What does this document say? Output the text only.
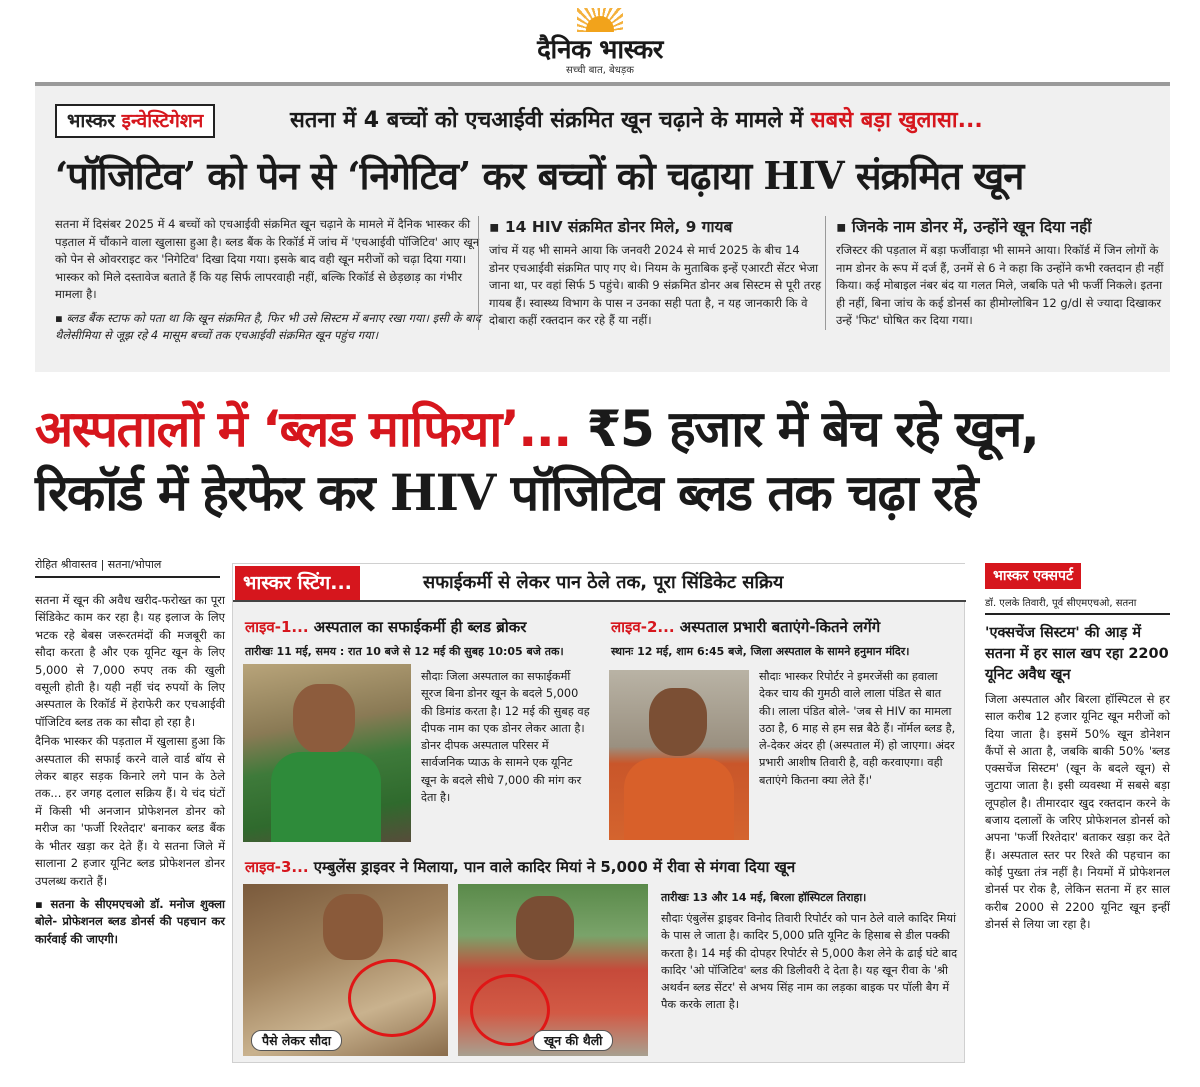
दैनिक भास्कर
सच्ची बात, बेधड़क
भास्कर इन्वेस्टिगेशन	सतना में 4 बच्चों को एचआईवी संक्रमित खून चढ़ाने के मामले में सबसे बड़ा खुलासा...
‘पॉजिटिव’ को पेन से ‘निगेटिव’ कर बच्चों को चढ़ाया HIV संक्रमित खून
सतना में दिसंबर 2025 में 4 बच्चों को एचआईवी संक्रमित खून चढ़ाने के मामले में दैनिक भास्कर की पड़ताल में चौंकाने वाला खुलासा हुआ है। ब्लड बैंक के रिकॉर्ड में जांच में 'एचआईवी पॉजिटिव' आए खून को पेन से ओवरराइट कर 'निगेटिव' दिखा दिया गया। इसके बाद वही खून मरीजों को चढ़ा दिया गया। भास्कर को मिले दस्तावेज बताते हैं कि यह सिर्फ लापरवाही नहीं, बल्कि रिकॉर्ड से छेड़छाड़ का गंभीर मामला है।
▪ ब्लड बैंक स्टाफ को पता था कि खून संक्रमित है, फिर भी उसे सिस्टम में बनाए रखा गया। इसी के बाद थैलेसीमिया से जूझ रहे 4 मासूम बच्चों तक एचआईवी संक्रमित खून पहुंच गया।
▪ 14 HIV संक्रमित डोनर मिले, 9 गायब
जांच में यह भी सामने आया कि जनवरी 2024 से मार्च 2025 के बीच 14 डोनर एचआईवी संक्रमित पाए गए थे। नियम के मुताबिक इन्हें एआरटी सेंटर भेजा जाना था, पर वहां सिर्फ 5 पहुंचे। बाकी 9 संक्रमित डोनर अब सिस्टम से पूरी तरह गायब हैं। स्वास्थ्य विभाग के पास न उनका सही पता है, न यह जानकारी कि वे दोबारा कहीं रक्तदान कर रहे हैं या नहीं।
▪ जिनके नाम डोनर में, उन्होंने खून दिया नहीं
रजिस्टर की पड़ताल में बड़ा फर्जीवाड़ा भी सामने आया। रिकॉर्ड में जिन लोगों के नाम डोनर के रूप में दर्ज हैं, उनमें से 6 ने कहा कि उन्होंने कभी रक्तदान ही नहीं किया। कई मोबाइल नंबर बंद या गलत मिले, जबकि पते भी फर्जी निकले। इतना ही नहीं, बिना जांच के कई डोनर्स का हीमोग्लोबिन 12 g/dl से ज्यादा दिखाकर उन्हें 'फिट' घोषित कर दिया गया।
अस्पतालों में ‘ब्लड माफिया’... ₹5 हजार में बेच रहे खून,
रिकॉर्ड में हेरफेर कर HIV पॉजिटिव ब्लड तक चढ़ा रहे
रोहित श्रीवास्तव | सतना/भोपाल

सतना में खून की अवैध खरीद-फरोख्त का पूरा सिंडिकेट काम कर रहा है। यह इलाज के लिए भटक रहे बेबस जरूरतमंदों की मजबूरी का सौदा करता है और एक यूनिट खून के लिए 5,000 से 7,000 रुपए तक की खुली वसूली होती है। यही नहीं चंद रुपयों के लिए अस्पताल के रिकॉर्ड में हेराफेरी कर एचआईवी पॉजिटिव ब्लड तक का सौदा हो रहा है।

दैनिक भास्कर की पड़ताल में खुलासा हुआ कि अस्पताल की सफाई करने वाले वार्ड बॉय से लेकर बाहर सड़क किनारे लगे पान के ठेले तक... हर जगह दलाल सक्रिय हैं। ये चंद घंटों में किसी भी अनजान प्रोफेशनल डोनर को मरीज का 'फर्जी रिश्तेदार' बनाकर ब्लड बैंक के भीतर खड़ा कर देते हैं। ये सतना जिले में सालाना 2 हजार यूनिट ब्लड प्रोफेशनल डोनर उपलब्ध कराते हैं।

▪ सतना के सीएमएचओ डॉ. मनोज शुक्ला बोले- प्रोफेशनल ब्लड डोनर्स की पहचान कर कार्रवाई की जाएगी।

भास्कर स्टिंग...	सफाईकर्मी से लेकर पान ठेले तक, पूरा सिंडिकेट सक्रिय
लाइव-1... अस्पताल का सफाईकर्मी ही ब्लड ब्रोकर
तारीखः 11 मई, समय : रात 10 बजे से 12 मई की सुबह 10:05 बजे तक।
सौदाः जिला अस्पताल का सफाईकर्मी सूरज बिना डोनर खून के बदले 5,000 की डिमांड करता है। 12 मई की सुबह वह दीपक नाम का एक डोनर लेकर आता है। डोनर दीपक अस्पताल परिसर में सार्वजनिक प्याऊ के सामने एक यूनिट खून के बदले सीधे 7,000 की मांग कर देता है।
लाइव-2... अस्पताल प्रभारी बताएंगे-कितने लगेंगे
स्थानः 12 मई, शाम 6:45 बजे, जिला अस्पताल के सामने हनुमान मंदिर।
सौदाः भास्कर रिपोर्टर ने इमरजेंसी का हवाला देकर चाय की गुमठी वाले लाला पंडित से बात की। लाला पंडित बोले- 'जब से HIV का मामला उठा है, 6 माह से हम सन्न बैठे हैं। नॉर्मल ब्लड है, ले-देकर अंदर ही (अस्पताल में) हो जाएगा। अंदर प्रभारी आशीष तिवारी है, वही करवाएगा। वही बताएंगे कितना क्या लेते हैं।'
लाइव-3... एम्बुलेंस ड्राइवर ने मिलाया, पान वाले कादिर मियां ने 5,000 में रीवा से मंगवा दिया खून
पैसे लेकर सौदा	खून की थैली
तारीखः 13 और 14 मई, बिरला हॉस्पिटल तिराहा।
सौदाः एंबुलेंस ड्राइवर विनोद तिवारी रिपोर्टर को पान ठेले वाले कादिर मियां के पास ले जाता है। कादिर 5,000 प्रति यूनिट के हिसाब से डील पक्की करता है। 14 मई की दोपहर रिपोर्टर से 5,000 कैश लेने के ढाई घंटे बाद कादिर 'ओ पॉजिटिव' ब्लड की डिलीवरी दे देता है। यह खून रीवा के 'श्री अथर्वन ब्लड सेंटर' से अभय सिंह नाम का लड़का बाइक पर पॉली बैग में पैक करके लाता है।
भास्कर एक्सपर्ट
डॉ. एलके तिवारी, पूर्व सीएमएचओ, सतना
'एक्सचेंज सिस्टम' की आड़ में सतना में हर साल खप रहा 2200 यूनिट अवैध खून
जिला अस्पताल और बिरला हॉस्पिटल से हर साल करीब 12 हजार यूनिट खून मरीजों को दिया जाता है। इसमें 50% खून डोनेशन कैंपों से आता है, जबकि बाकी 50% 'ब्लड एक्सचेंज सिस्टम' (खून के बदले खून) से जुटाया जाता है। इसी व्यवस्था में सबसे बड़ा लूपहोल है। तीमारदार खुद रक्तदान करने के बजाय दलालों के जरिए प्रोफेशनल डोनर्स को अपना 'फर्जी रिश्तेदार' बताकर खड़ा कर देते हैं। अस्पताल स्तर पर रिश्ते की पहचान का कोई पुख्ता तंत्र नहीं है। नियमों में प्रोफेशनल डोनर्स पर रोक है, लेकिन सतना में हर साल करीब 2000 से 2200 यूनिट खून इन्हीं डोनर्स से लिया जा रहा है।
